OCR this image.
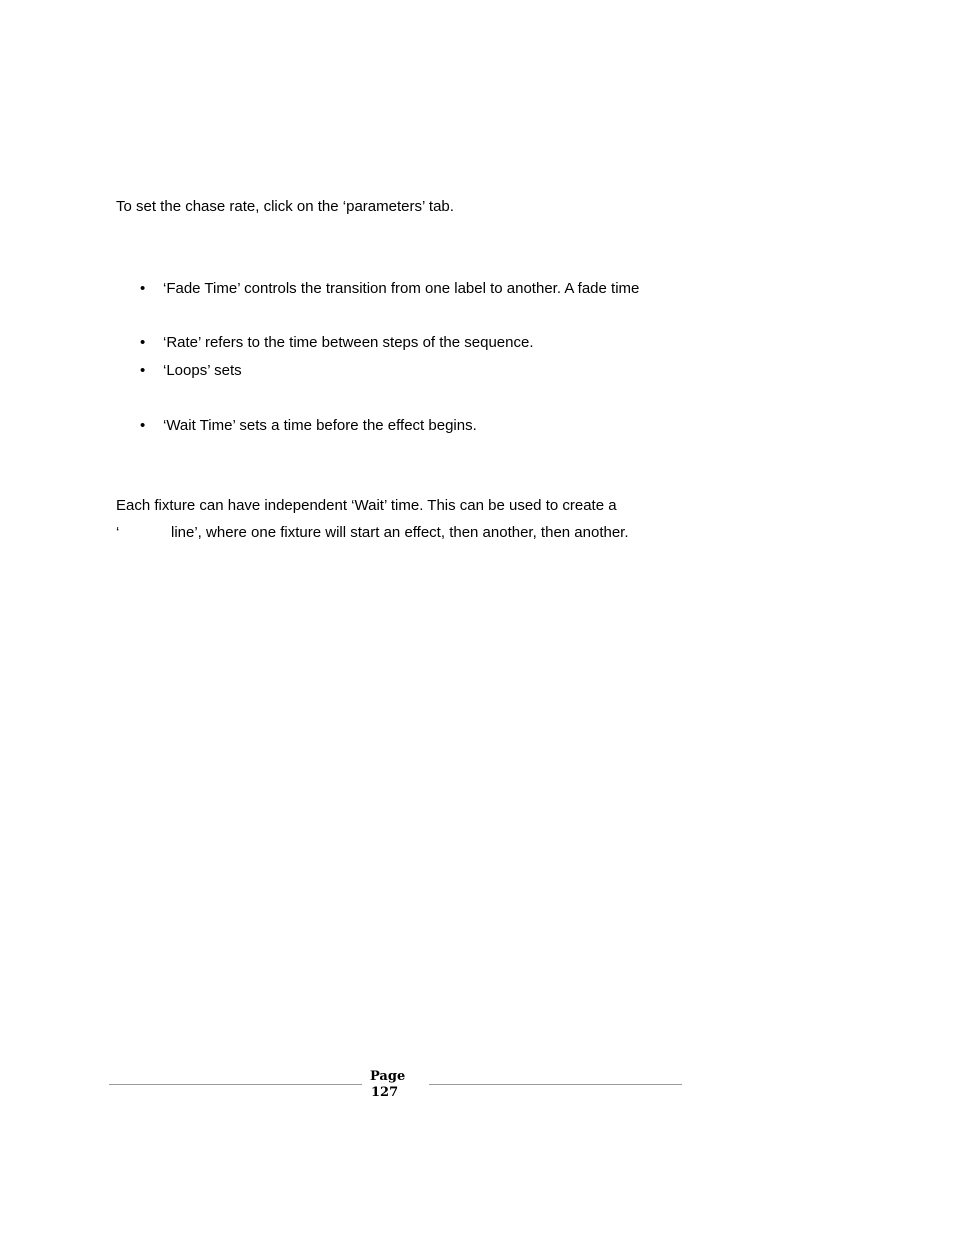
To set the chase rate, click on the ‘parameters’ tab.
• ‘Fade Time’ controls the transition from one label to another. A fade time
• ‘Rate’ refers to the time between steps of the sequence.
• ‘Loops’ sets
• ‘Wait Time’ sets a time before the effect begins.
Each fixture can have independent ‘Wait’ time. This can be used to create a
‘	line’, where one fixture will start an effect, then another, then another.
Page
127
